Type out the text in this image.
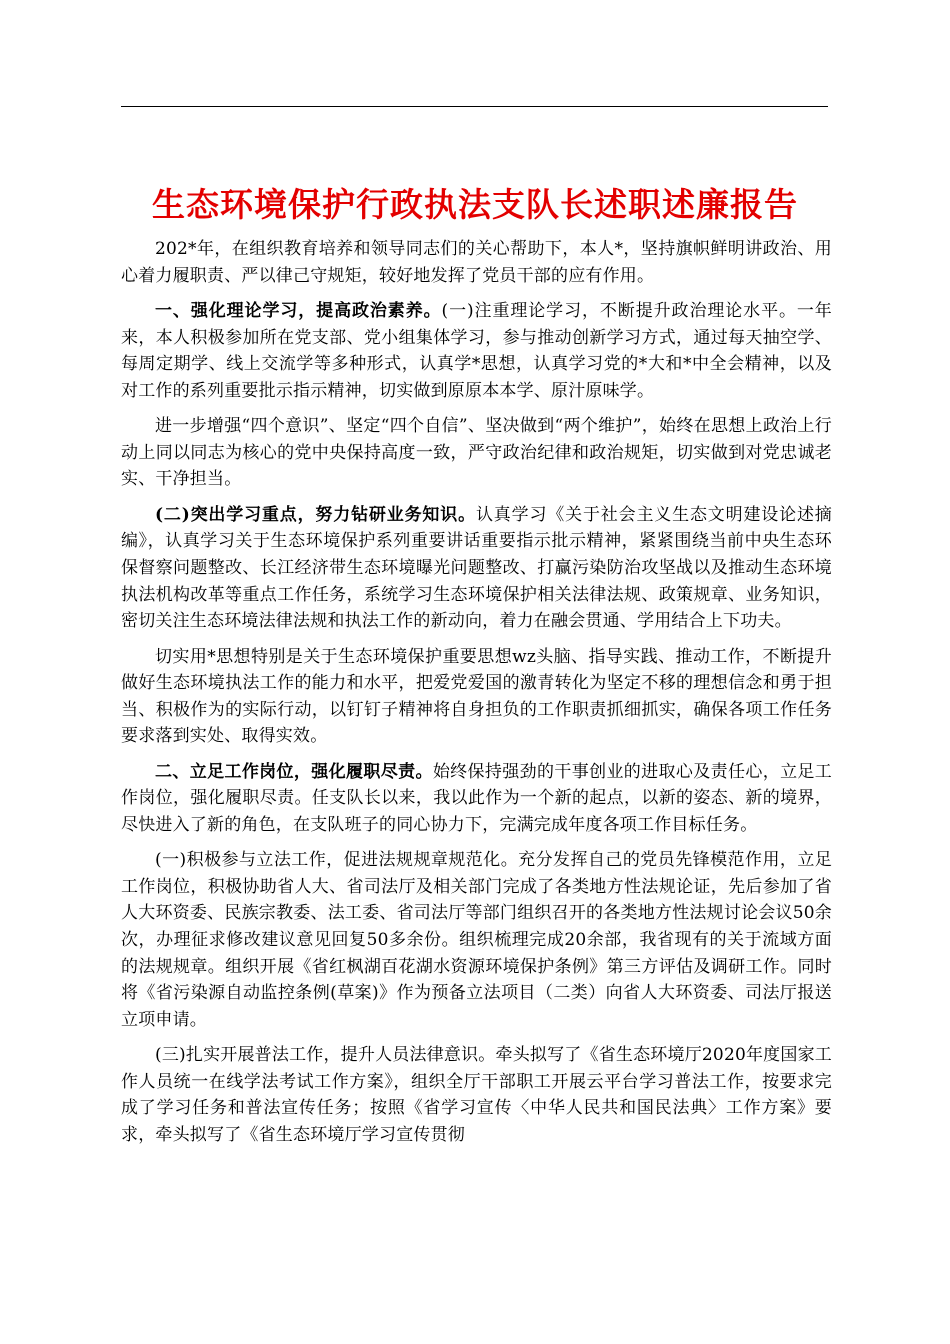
生态环境保护行政执法支队长述职述廉报告

202*年，在组织教育培养和领导同志们的关心帮助下，本人*，坚持旗帜鲜明讲政治、用心着力履职责、严以律己守规矩，较好地发挥了党员干部的应有作用。

一、强化理论学习，提高政治素养。(一)注重理论学习，不断提升政治理论水平。一年来，本人积极参加所在党支部、党小组集体学习，参与推动创新学习方式，通过每天抽空学、每周定期学、线上交流学等多种形式，认真学*思想，认真学习党的*大和*中全会精神，以及对工作的系列重要批示指示精神，切实做到原原本本学、原汁原味学。

进一步增强“四个意识”、坚定“四个自信”、坚决做到“两个维护”，始终在思想上政治上行动上同以同志为核心的党中央保持高度一致，严守政治纪律和政治规矩，切实做到对党忠诚老实、干净担当。

(二)突出学习重点，努力钻研业务知识。认真学习《关于社会主义生态文明建设论述摘编》，认真学习关于生态环境保护系列重要讲话重要指示批示精神，紧紧围绕当前中央生态环保督察问题整改、长江经济带生态环境曝光问题整改、打赢污染防治攻坚战以及推动生态环境执法机构改革等重点工作任务，系统学习生态环境保护相关法律法规、政策规章、业务知识，密切关注生态环境法律法规和执法工作的新动向，着力在融会贯通、学用结合上下功夫。

切实用*思想特别是关于生态环境保护重要思想wz头脑、指导实践、推动工作，不断提升做好生态环境执法工作的能力和水平，把爱党爱国的激青转化为坚定不移的理想信念和勇于担当、积极作为的实际行动，以钉钉子精神将自身担负的工作职责抓细抓实，确保各项工作任务要求落到实处、取得实效。

二、立足工作岗位，强化履职尽责。始终保持强劲的干事创业的进取心及责任心，立足工作岗位，强化履职尽责。任支队长以来，我以此作为一个新的起点，以新的姿态、新的境界，尽快进入了新的角色，在支队班子的同心协力下，完满完成年度各项工作目标任务。

(一)积极参与立法工作，促进法规规章规范化。充分发挥自己的党员先锋模范作用，立足工作岗位，积极协助省人大、省司法厅及相关部门完成了各类地方性法规论证，先后参加了省人大环资委、民族宗教委、法工委、省司法厅等部门组织召开的各类地方性法规讨论会议50余次，办理征求修改建议意见回复50多余份。组织梳理完成20余部，我省现有的关于流域方面的法规规章。组织开展《省红枫湖百花湖水资源环境保护条例》第三方评估及调研工作。同时将《省污染源自动监控条例(草案)》作为预备立法项目（二类）向省人大环资委、司法厅报送立项申请。

(三)扎实开展普法工作，提升人员法律意识。牵头拟写了《省生态环境厅2020年度国家工作人员统一在线学法考试工作方案》，组织全厅干部职工开展云平台学习普法工作，按要求完成了学习任务和普法宣传任务；按照《省学习宣传〈中华人民共和国民法典〉工作方案》要求，牵头拟写了《省生态环境厅学习宣传贯彻
